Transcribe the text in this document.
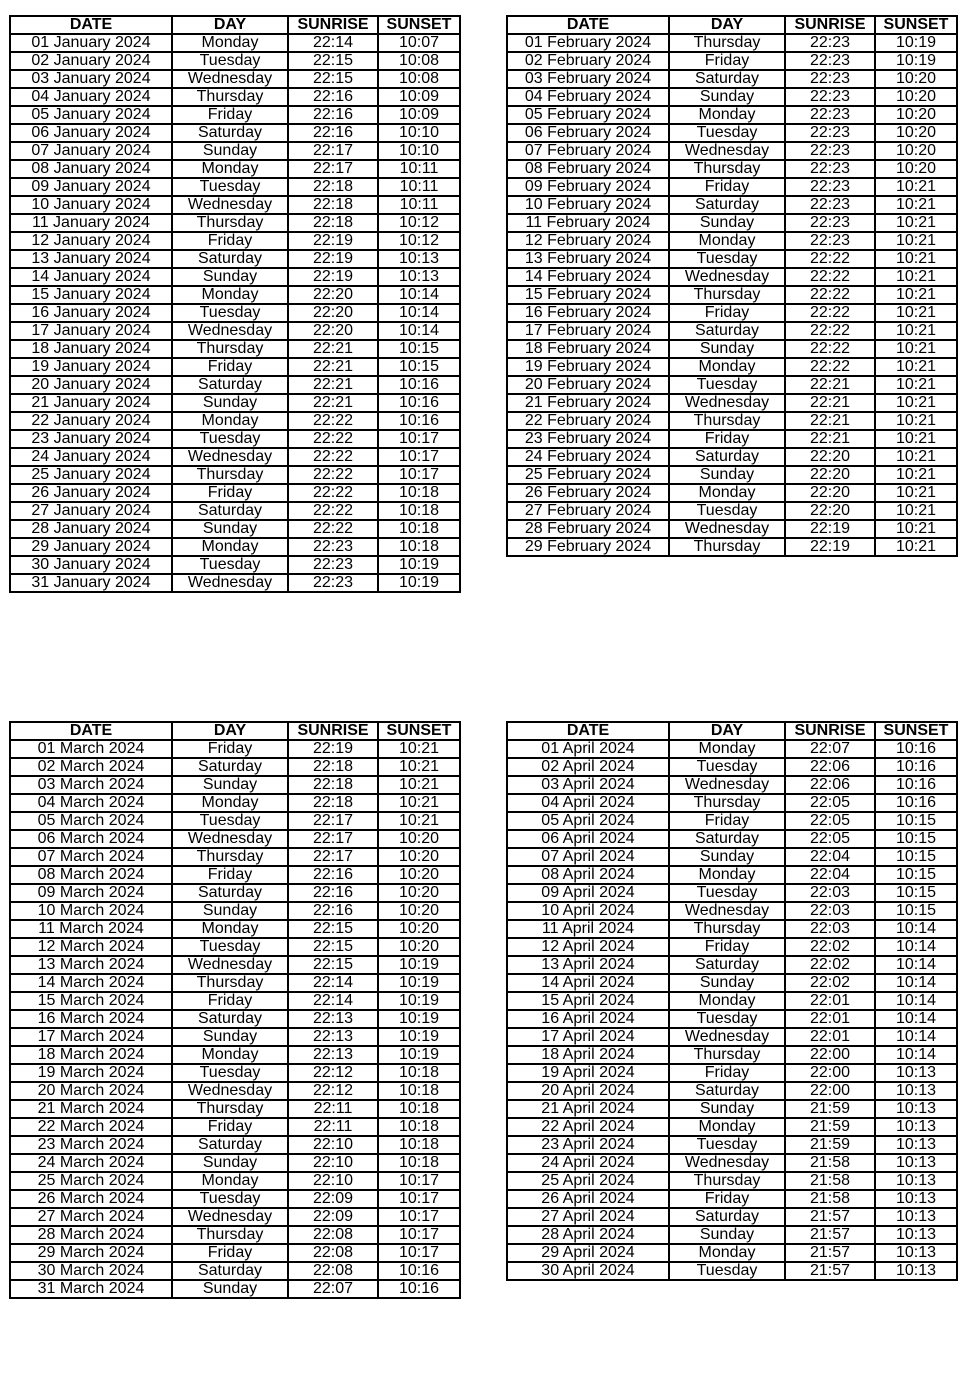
DATE	DAY	SUNRISE	SUNSET
01 January 2024	Monday	22:14	10:07
02 January 2024	Tuesday	22:15	10:08
03 January 2024	Wednesday	22:15	10:08
04 January 2024	Thursday	22:16	10:09
05 January 2024	Friday	22:16	10:09
06 January 2024	Saturday	22:16	10:10
07 January 2024	Sunday	22:17	10:10
08 January 2024	Monday	22:17	10:11
09 January 2024	Tuesday	22:18	10:11
10 January 2024	Wednesday	22:18	10:11
11 January 2024	Thursday	22:18	10:12
12 January 2024	Friday	22:19	10:12
13 January 2024	Saturday	22:19	10:13
14 January 2024	Sunday	22:19	10:13
15 January 2024	Monday	22:20	10:14
16 January 2024	Tuesday	22:20	10:14
17 January 2024	Wednesday	22:20	10:14
18 January 2024	Thursday	22:21	10:15
19 January 2024	Friday	22:21	10:15
20 January 2024	Saturday	22:21	10:16
21 January 2024	Sunday	22:21	10:16
22 January 2024	Monday	22:22	10:16
23 January 2024	Tuesday	22:22	10:17
24 January 2024	Wednesday	22:22	10:17
25 January 2024	Thursday	22:22	10:17
26 January 2024	Friday	22:22	10:18
27 January 2024	Saturday	22:22	10:18
28 January 2024	Sunday	22:22	10:18
29 January 2024	Monday	22:23	10:18
30 January 2024	Tuesday	22:23	10:19
31 January 2024	Wednesday	22:23	10:19
DATE	DAY	SUNRISE	SUNSET
01 February 2024	Thursday	22:23	10:19
02 February 2024	Friday	22:23	10:19
03 February 2024	Saturday	22:23	10:20
04 February 2024	Sunday	22:23	10:20
05 February 2024	Monday	22:23	10:20
06 February 2024	Tuesday	22:23	10:20
07 February 2024	Wednesday	22:23	10:20
08 February 2024	Thursday	22:23	10:20
09 February 2024	Friday	22:23	10:21
10 February 2024	Saturday	22:23	10:21
11 February 2024	Sunday	22:23	10:21
12 February 2024	Monday	22:23	10:21
13 February 2024	Tuesday	22:22	10:21
14 February 2024	Wednesday	22:22	10:21
15 February 2024	Thursday	22:22	10:21
16 February 2024	Friday	22:22	10:21
17 February 2024	Saturday	22:22	10:21
18 February 2024	Sunday	22:22	10:21
19 February 2024	Monday	22:22	10:21
20 February 2024	Tuesday	22:21	10:21
21 February 2024	Wednesday	22:21	10:21
22 February 2024	Thursday	22:21	10:21
23 February 2024	Friday	22:21	10:21
24 February 2024	Saturday	22:20	10:21
25 February 2024	Sunday	22:20	10:21
26 February 2024	Monday	22:20	10:21
27 February 2024	Tuesday	22:20	10:21
28 February 2024	Wednesday	22:19	10:21
29 February 2024	Thursday	22:19	10:21
DATE	DAY	SUNRISE	SUNSET
01 March 2024	Friday	22:19	10:21
02 March 2024	Saturday	22:18	10:21
03 March 2024	Sunday	22:18	10:21
04 March 2024	Monday	22:18	10:21
05 March 2024	Tuesday	22:17	10:21
06 March 2024	Wednesday	22:17	10:20
07 March 2024	Thursday	22:17	10:20
08 March 2024	Friday	22:16	10:20
09 March 2024	Saturday	22:16	10:20
10 March 2024	Sunday	22:16	10:20
11 March 2024	Monday	22:15	10:20
12 March 2024	Tuesday	22:15	10:20
13 March 2024	Wednesday	22:15	10:19
14 March 2024	Thursday	22:14	10:19
15 March 2024	Friday	22:14	10:19
16 March 2024	Saturday	22:13	10:19
17 March 2024	Sunday	22:13	10:19
18 March 2024	Monday	22:13	10:19
19 March 2024	Tuesday	22:12	10:18
20 March 2024	Wednesday	22:12	10:18
21 March 2024	Thursday	22:11	10:18
22 March 2024	Friday	22:11	10:18
23 March 2024	Saturday	22:10	10:18
24 March 2024	Sunday	22:10	10:18
25 March 2024	Monday	22:10	10:17
26 March 2024	Tuesday	22:09	10:17
27 March 2024	Wednesday	22:09	10:17
28 March 2024	Thursday	22:08	10:17
29 March 2024	Friday	22:08	10:17
30 March 2024	Saturday	22:08	10:16
31 March 2024	Sunday	22:07	10:16
DATE	DAY	SUNRISE	SUNSET
01 April 2024	Monday	22:07	10:16
02 April 2024	Tuesday	22:06	10:16
03 April 2024	Wednesday	22:06	10:16
04 April 2024	Thursday	22:05	10:16
05 April 2024	Friday	22:05	10:15
06 April 2024	Saturday	22:05	10:15
07 April 2024	Sunday	22:04	10:15
08 April 2024	Monday	22:04	10:15
09 April 2024	Tuesday	22:03	10:15
10 April 2024	Wednesday	22:03	10:15
11 April 2024	Thursday	22:03	10:14
12 April 2024	Friday	22:02	10:14
13 April 2024	Saturday	22:02	10:14
14 April 2024	Sunday	22:02	10:14
15 April 2024	Monday	22:01	10:14
16 April 2024	Tuesday	22:01	10:14
17 April 2024	Wednesday	22:01	10:14
18 April 2024	Thursday	22:00	10:14
19 April 2024	Friday	22:00	10:13
20 April 2024	Saturday	22:00	10:13
21 April 2024	Sunday	21:59	10:13
22 April 2024	Monday	21:59	10:13
23 April 2024	Tuesday	21:59	10:13
24 April 2024	Wednesday	21:58	10:13
25 April 2024	Thursday	21:58	10:13
26 April 2024	Friday	21:58	10:13
27 April 2024	Saturday	21:57	10:13
28 April 2024	Sunday	21:57	10:13
29 April 2024	Monday	21:57	10:13
30 April 2024	Tuesday	21:57	10:13
